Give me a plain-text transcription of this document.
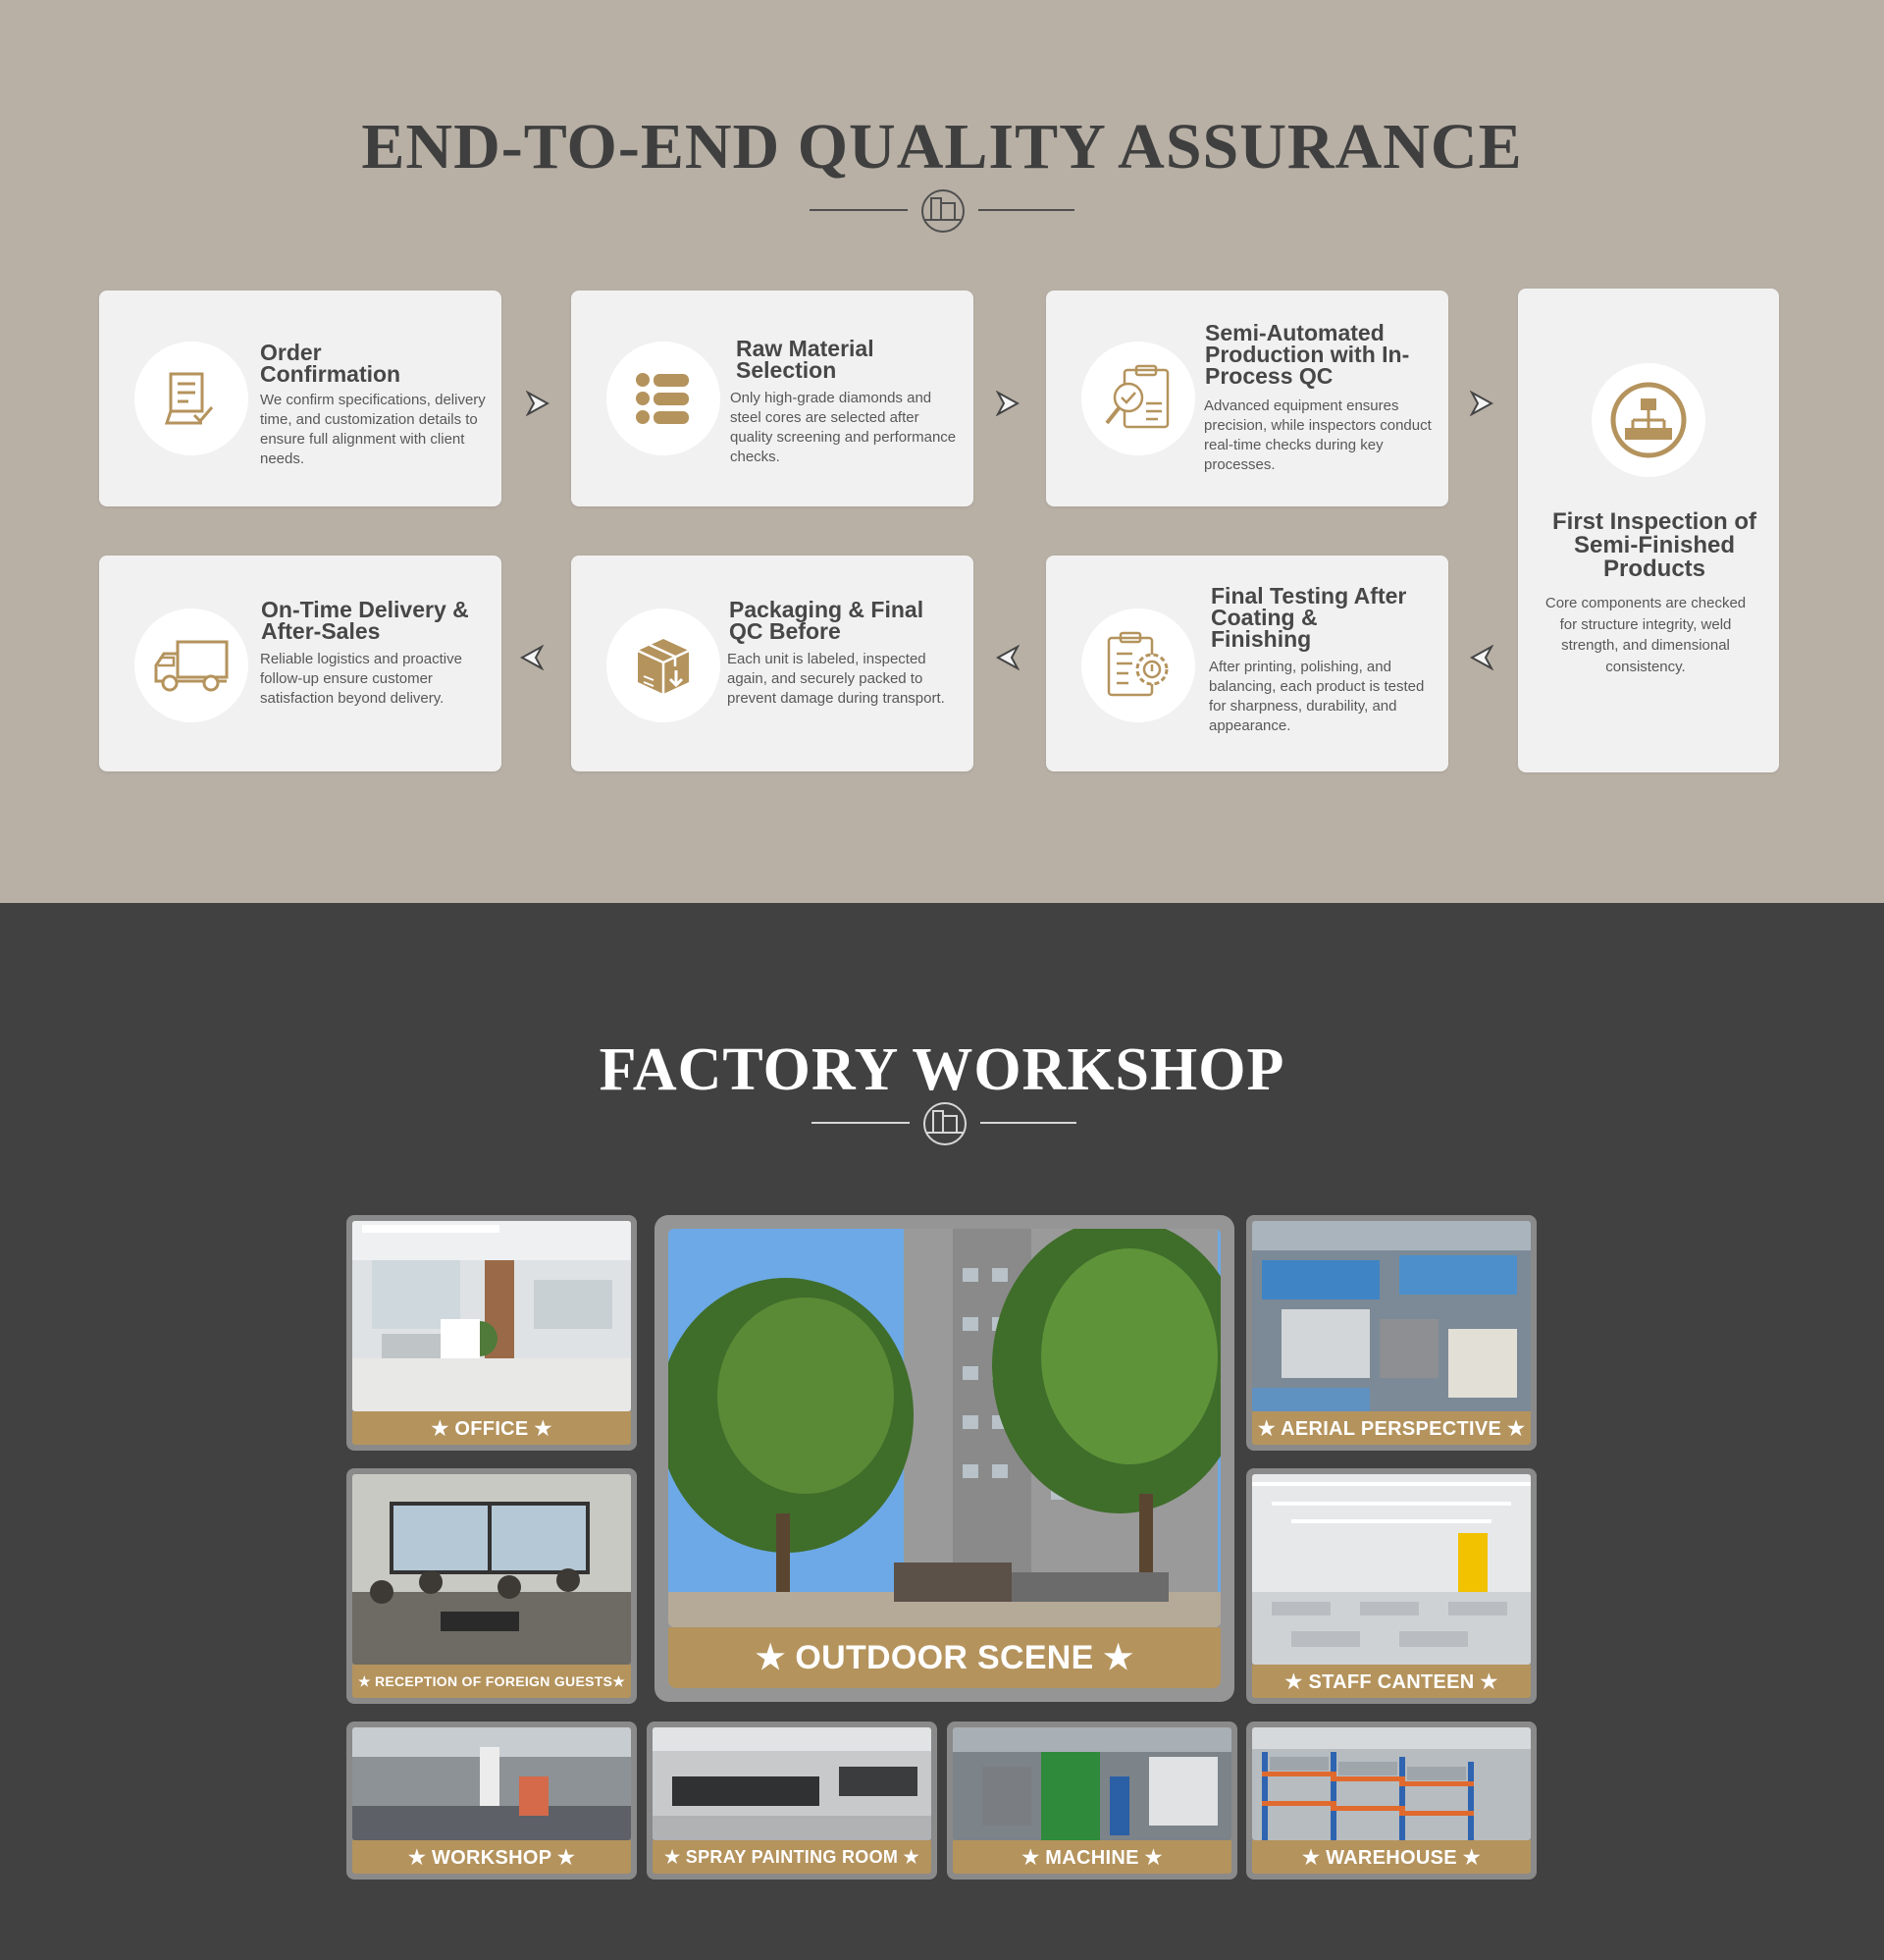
END-TO-END QUALITY ASSURANCE
Order Confirmation

We confirm specifications, delivery time, and customization details to ensure full alignment with client needs.

Raw Material Selection

Only high-grade diamonds and steel cores are selected after quality screening and performance checks.

Semi-Automated Production with In-Process QC

Advanced equipment ensures precision, while inspectors conduct real-time checks during key processes.

First Inspection of Semi-Finished Products

Core components are checked for structure integrity, weld strength, and dimensional consistency.

Final Testing After Coating & Finishing

After printing, polishing, and balancing, each product is tested for sharpness, durability, and appearance.

Packaging & Final QC Before

Each unit is labeled, inspected again, and securely packed to prevent damage during transport.

On-Time Delivery & After-Sales

Reliable logistics and proactive follow-up ensure customer satisfaction beyond delivery.

FACTORY WORKSHOP
★ OFFICE ★
★ OUTDOOR SCENE ★
★ AERIAL PERSPECTIVE ★
★ RECEPTION OF FOREIGN GUESTS★	★ STAFF CANTEEN ★
★ WORKSHOP ★	★ SPRAY PAINTING ROOM ★	★ MACHINE ★	★ WAREHOUSE ★
